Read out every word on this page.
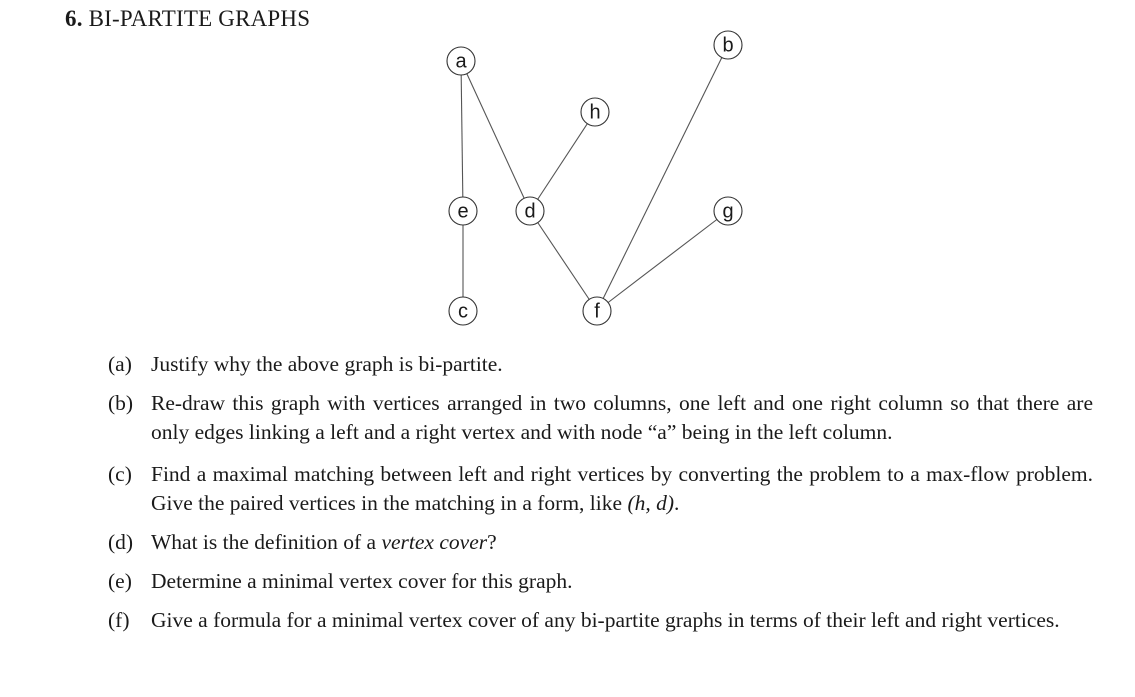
6. BI-PARTITE GRAPHS
a
b
h
e	d	g
c	f
(a) Justify why the above graph is bi-partite.
(b) Re-draw this graph with vertices arranged in two columns, one left and one right column so that there are only edges linking a left and a right vertex and with node “a” being in the left column.
(c) Find a maximal matching between left and right vertices by converting the problem to a max-flow problem. Give the paired vertices in the matching in a form, like (h, d).
(d) What is the definition of a vertex cover?
(e) Determine a minimal vertex cover for this graph.
(f) Give a formula for a minimal vertex cover of any bi-partite graphs in terms of their left and right vertices.
